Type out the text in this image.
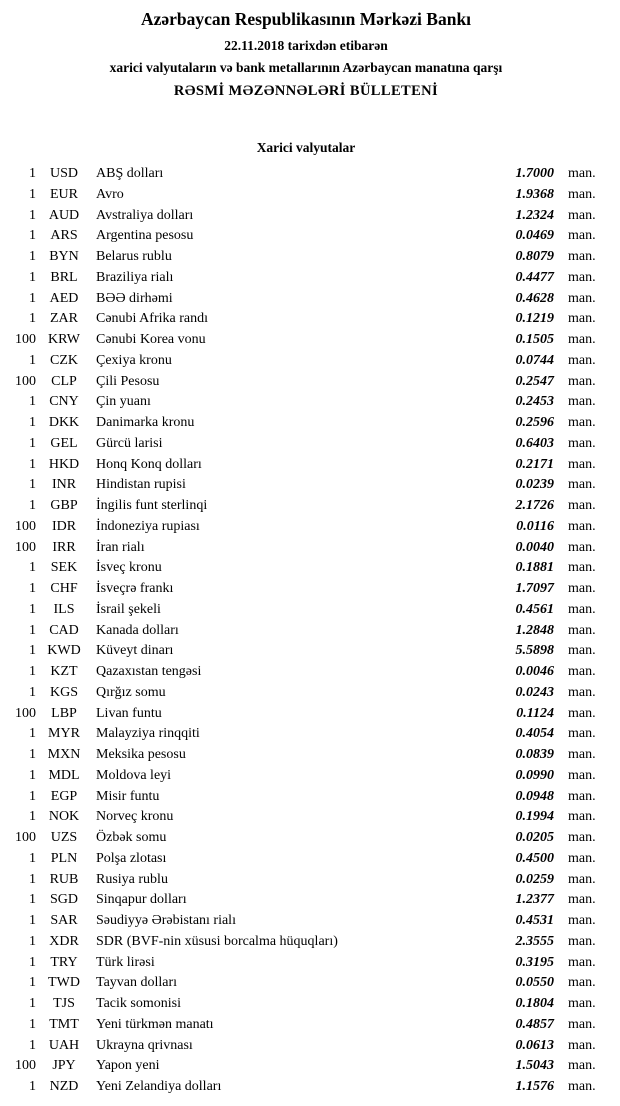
Azərbaycan Respublikasının Mərkəzi Bankı

22.11.2018 tarixdən etibarən

xarici valyutaların və bank metallarının Azərbaycan manatına qarşı

RƏSMİ MƏZƏNNƏLƏRİ BÜLLETENİ

Xarici valyutalar
1 USD	ABŞ dolları	1.7000	man.
1	EUR	Avro	1.9368	man.
1 AUD	Avstraliya dolları	1.2324	man.
1	ARS	Argentina pesosu	0.0469	man.
1 BYN	Belarus rublu	0.8079	man.
1	BRL	Braziliya rialı	0.4477	man.
1 AED	BƏƏ dirhəmi	0.4628	man.
1	ZAR	Cənubi Afrika randı	0.1219	man.
100 KRW	Cənubi Korea vonu	0.1505	man.
1	CZK	Çexiya kronu	0.0744	man.
100	CLP	Çili Pesosu	0.2547	man.
1 CNY	Çin yuanı	0.2453	man.
1 DKK	Danimarka kronu	0.2596	man.
1	GEL	Gürcü larisi	0.6403	man.
1 HKD	Honq Konq dolları	0.2171	man.
1	INR	Hindistan rupisi	0.0239	man.
1	GBP	İngilis funt sterlinqi	2.1726	man.
100	IDR	İndoneziya rupiası	0.0116	man.
100	IRR	İran rialı	0.0040	man.
1	SEK	İsveç kronu	0.1881	man.
1	CHF	İsveçrə frankı	1.7097	man.
1	ILS	İsrail şekeli	0.4561	man.
1 CAD	Kanada dolları	1.2848	man.
1 KWD	Küveyt dinarı	5.5898	man.
1	KZT	Qazaxıstan tengəsi	0.0046	man.
1 KGS	Qırğız somu	0.0243	man.
100	LBP	Livan funtu	0.1124	man.
1 MYR	Malayziya rinqqiti	0.4054	man.
1 MXN	Meksika pesosu	0.0839	man.
1 MDL	Moldova leyi	0.0990	man.
1	EGP	Misir funtu	0.0948	man.
1 NOK	Norveç kronu	0.1994	man.
100	UZS	Özbək somu	0.0205	man.
1	PLN	Polşa zlotası	0.4500	man.
1 RUB	Rusiya rublu	0.0259	man.
1 SGD	Sinqapur dolları	1.2377	man.
1	SAR	Səudiyyə Ərəbistanı rialı	0.4531	man.
1 XDR	SDR (BVF-nin xüsusi borcalma hüquqları)	2.3555	man.
1	TRY	Türk lirəsi	0.3195	man.
1 TWD	Tayvan dolları	0.0550	man.
1	TJS	Tacik somonisi	0.1804	man.
1 TMT	Yeni türkmən manatı	0.4857	man.
1 UAH	Ukrayna qrivnası	0.0613	man.
100	JPY	Yapon yeni	1.5043	man.
1 NZD	Yeni Zelandiya dolları	1.1576	man.
